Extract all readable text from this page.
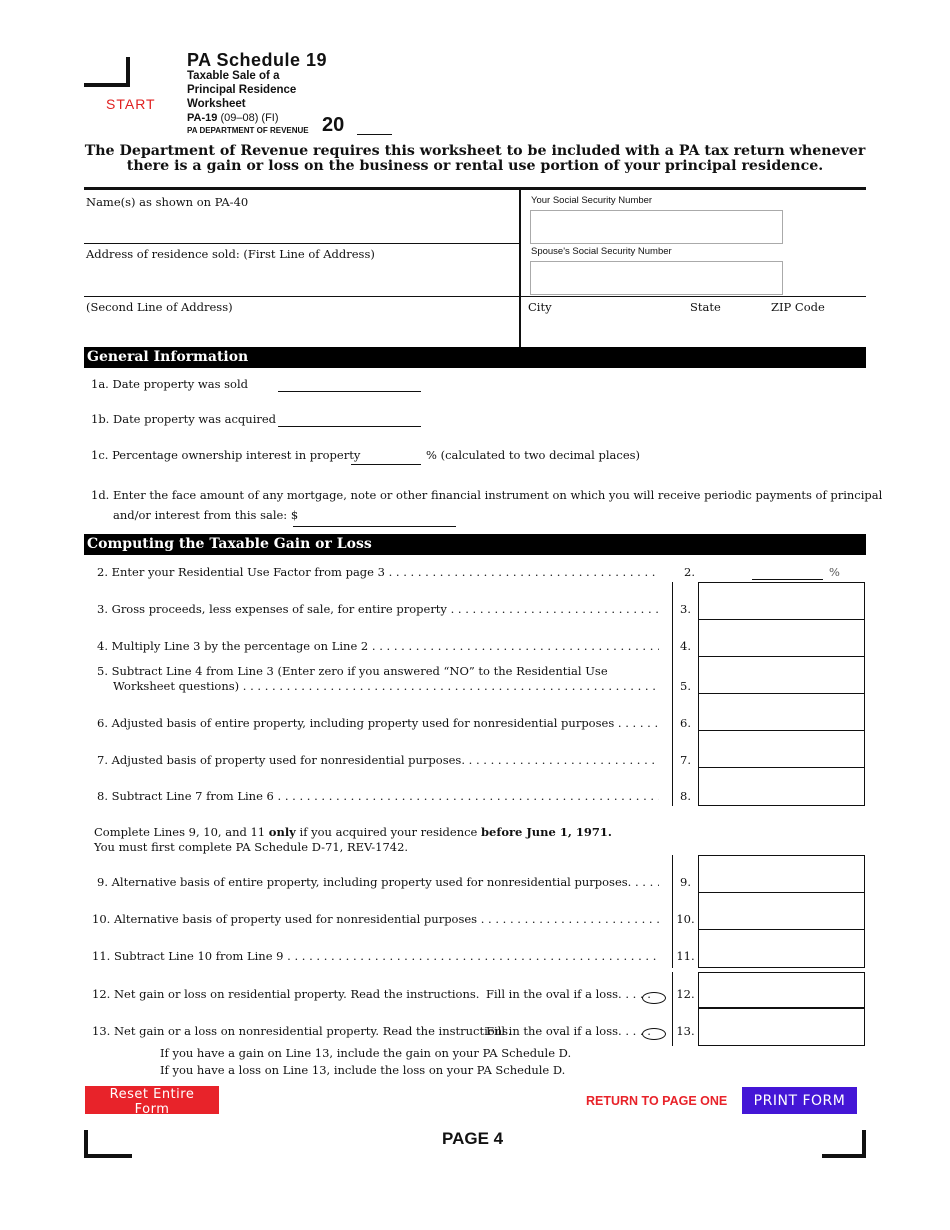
START
PA Schedule 19
Taxable Sale of a
Principal Residence
Worksheet
PA-19 (09–08) (FI)
PA DEPARTMENT OF REVENUE 20
The Department of Revenue requires this worksheet to be included with a PA tax return whenever there is a gain or loss on the business or rental use portion of your principal residence.
Name(s) as shown on PA-40
Address of residence sold: (First Line of Address)
(Second Line of Address)
Your Social Security Number
Spouse's Social Security Number
City	State	ZIP Code
General Information
1a. Date property was sold
1b. Date property was acquired
1c. Percentage ownership interest in property	% (calculated to two decimal places)
1d. Enter the face amount of any mortgage, note or other financial instrument on which you will receive periodic payments of principal
and/or interest from this sale: $
Computing the Taxable Gain or Loss
2. Enter your Residential Use Factor from page 3 . . .	2.	%
3. Gross proceeds, less expenses of sale, for entire property . . .	3.
4. Multiply Line 3 by the percentage on Line 2 . . .	4.
5. Subtract Line 4 from Line 3 (Enter zero if you answered “NO” to the Residential Use
Worksheet questions) . . .	5.
6. Adjusted basis of entire property, including property used for nonresidential purposes . . .	6.
7. Adjusted basis of property used for nonresidential purposes. . . .	7.
8. Subtract Line 7 from Line 6 . . .	8.
Complete Lines 9, 10, and 11 only if you acquired your residence before June 1, 1971.
You must first complete PA Schedule D-71, REV-1742.
9. Alternative basis of entire property, including property used for nonresidential purposes. . . .	9.
10. Alternative basis of property used for nonresidential purposes . . .	10.
11. Subtract Line 10 from Line 9 . . .	11.
12. Net gain or loss on residential property. Read the instructions. Fill in the oval if a loss. . . . . 12.
13. Net gain or a loss on nonresidential property. Read the instructions.
Fill in the oval if a loss. . . . . 13.
If you have a gain on Line 13, include the gain on your PA Schedule D.
If you have a loss on Line 13, include the loss on your PA Schedule D.
Reset Entire Form
RETURN TO PAGE ONE	PRINT FORM
PAGE 4
